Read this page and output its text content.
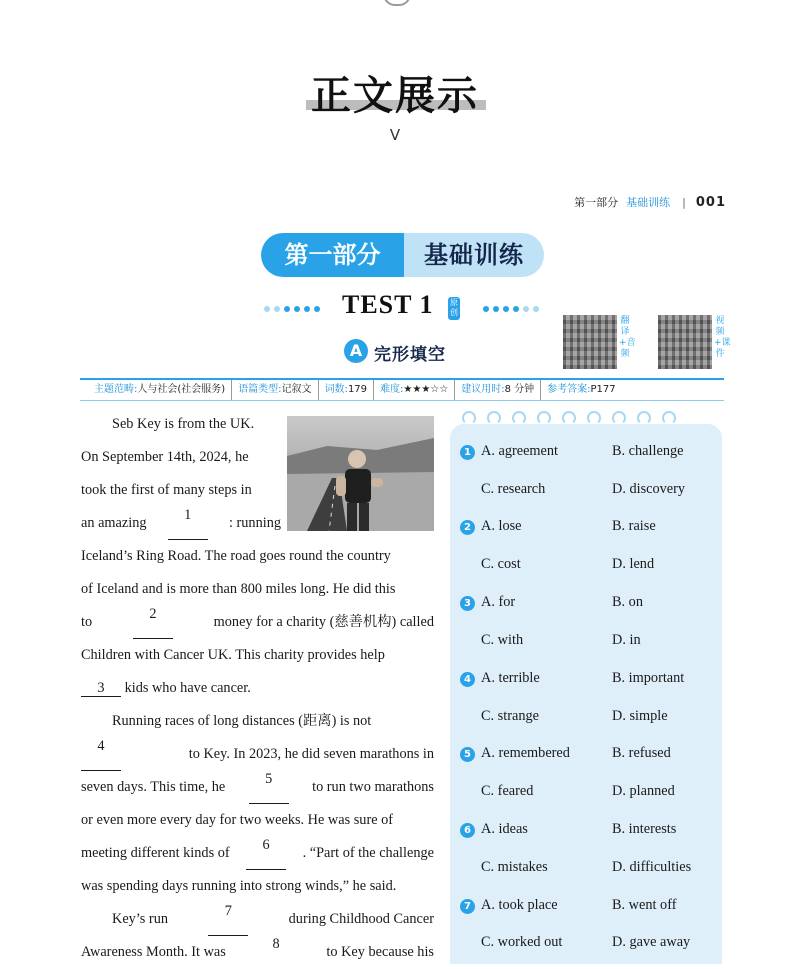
正文展示
V
第一部分 基础训练 | 001
第一部分	基础训练
TEST 1 原创
翻译+音频
视频+课件
A 完形填空
主题范畴:人与社会(社会服务)	语篇类型:记叙文	词数:179	难度:★★★☆☆	建议用时:8 分钟	参考答案:P177

Seb Key is from the UK.

On September 14th, 2024, he
took the first of many steps in
an amazing	1	: running
Iceland’s Ring Road. The road goes round the country
of Iceland and is more than 800 miles long. He did this
to	2	money for a charity (慈善机构) called
Children with Cancer UK. This charity provides help
3 kids who have cancer.
Running races of long distances (距离) is not
4	to Key. In 2023, he did seven marathons in
seven days. This time, he	5	to run two marathons
or even more every day for two weeks. He was sure of
meeting different kinds of	6	. “Part of the challenge
was spending days running into strong winds,” he said.
Key’s run	7	during Childhood Cancer
Awareness Month. It was	8	to Key because his
1 A. agreement	B. challenge
C. research	D. discovery
2 A. lose	B. raise
C. cost	D. lend
3 A. for	B. on
C. with	D. in
4 A. terrible	B. important
C. strange	D. simple
5 A. remembered	B. refused
C. feared	D. planned
6 A. ideas	B. interests
C. mistakes	D. difficulties
7 A. took place	B. went off
C. worked out	D. gave away
